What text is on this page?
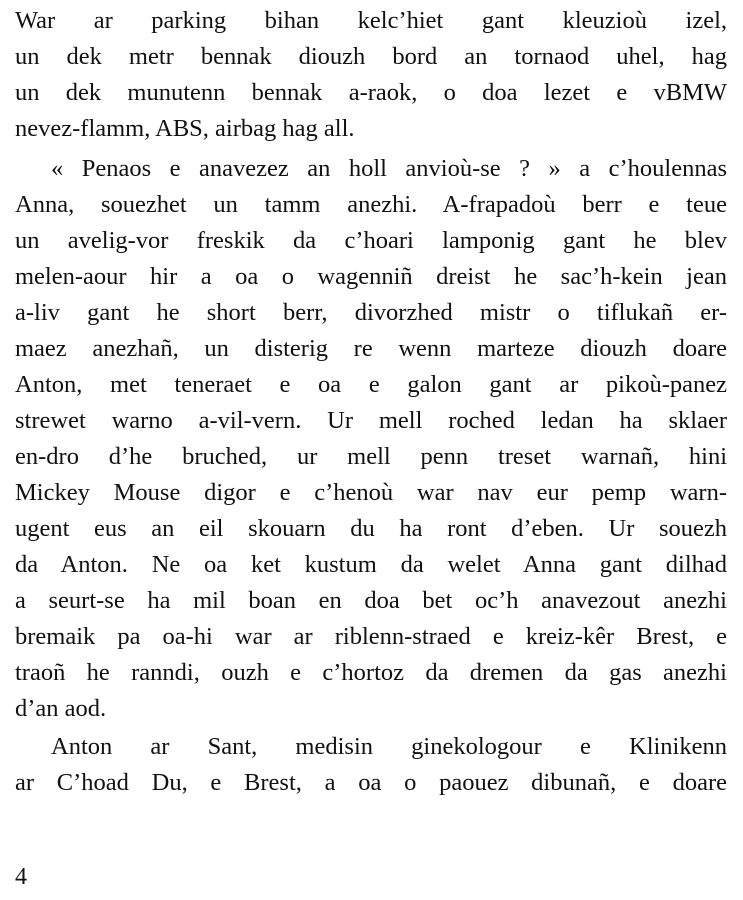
War ar parking bihan kelc’hiet gant kleuzioù izel,
un dek metr bennak diouzh bord an tornaod uhel, hag
un dek munutenn bennak a-raok, o doa lezet e vBMW
nevez-flamm, ABS, airbag hag all.
« Penaos e anavezez an holl anvioù-se ? » a c’houlennas
Anna, souezhet un tamm anezhi. A-frapadoù berr e teue
un avelig-vor freskik da c’hoari lamponig gant he blev
melen-aour hir a oa o wagenniñ dreist he sac’h-kein jean
a-liv gant he short berr, divorzhed mistr o tiflukañ er-
maez anezhañ, un disterig re wenn marteze diouzh doare
Anton, met teneraet e oa e galon gant ar pikoù-panez
strewet warno a-vil-vern. Ur mell roched ledan ha sklaer
en-dro d’he bruched, ur mell penn treset warnañ, hini
Mickey Mouse digor e c’henoù war nav eur pemp warn-
ugent eus an eil skouarn du ha ront d’eben. Ur souezh
da Anton. Ne oa ket kustum da welet Anna gant dilhad
a seurt-se ha mil boan en doa bet oc’h anavezout anezhi
bremaik pa oa-hi war ar riblenn-straed e kreiz-kêr Brest, e
traoñ he ranndi, ouzh e c’hortoz da dremen da gas anezhi
d’an aod.
Anton ar Sant, medisin ginekologour e Klinikenn
ar C’hoad Du, e Brest, a oa o paouez dibunañ, e doare
4
